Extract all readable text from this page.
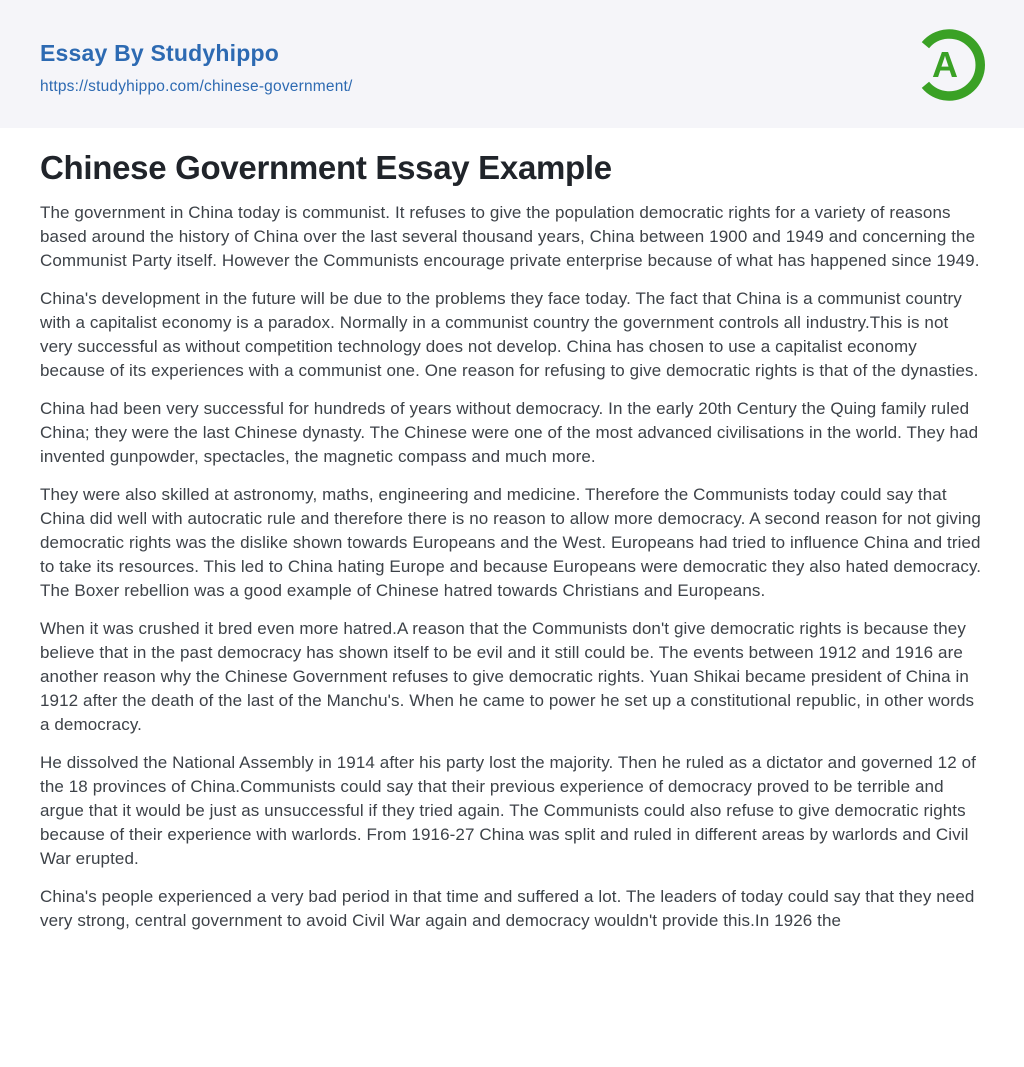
Essay By Studyhippo
https://studyhippo.com/chinese-government/
A
Chinese Government Essay Example

The government in China today is communist. It refuses to give the population democratic rights for a variety of reasons based around the history of China over the last several thousand years, China between 1900 and 1949 and concerning the Communist Party itself. However the Communists encourage private enterprise because of what has happened since 1949.

China's development in the future will be due to the problems they face today. The fact that China is a communist country with a capitalist economy is a paradox. Normally in a communist country the government controls all industry.This is not very successful as without competition technology does not develop. China has chosen to use a capitalist economy because of its experiences with a communist one. One reason for refusing to give democratic rights is that of the dynasties.

China had been very successful for hundreds of years without democracy. In the early 20th Century the Quing family ruled China; they were the last Chinese dynasty. The Chinese were one of the most advanced civilisations in the world. They had invented gunpowder, spectacles, the magnetic compass and much more.

They were also skilled at astronomy, maths, engineering and medicine. Therefore the Communists today could say that China did well with autocratic rule and therefore there is no reason to allow more democracy. A second reason for not giving democratic rights was the dislike shown towards Europeans and the West. Europeans had tried to influence China and tried to take its resources. This led to China hating Europe and because Europeans were democratic they also hated democracy. The Boxer rebellion was a good example of Chinese hatred towards Christians and Europeans.

When it was crushed it bred even more hatred.A reason that the Communists don't give democratic rights is because they believe that in the past democracy has shown itself to be evil and it still could be. The events between 1912 and 1916 are another reason why the Chinese Government refuses to give democratic rights. Yuan Shikai became president of China in 1912 after the death of the last of the Manchu's. When he came to power he set up a constitutional republic, in other words a democracy.

He dissolved the National Assembly in 1914 after his party lost the majority. Then he ruled as a dictator and governed 12 of the 18 provinces of China.Communists could say that their previous experience of democracy proved to be terrible and argue that it would be just as unsuccessful if they tried again. The Communists could also refuse to give democratic rights because of their experience with warlords. From 1916-27 China was split and ruled in different areas by warlords and Civil War erupted.

China's people experienced a very bad period in that time and suffered a lot. The leaders of today could say that they need very strong, central government to avoid Civil War again and democracy wouldn't provide this.In 1926 the
